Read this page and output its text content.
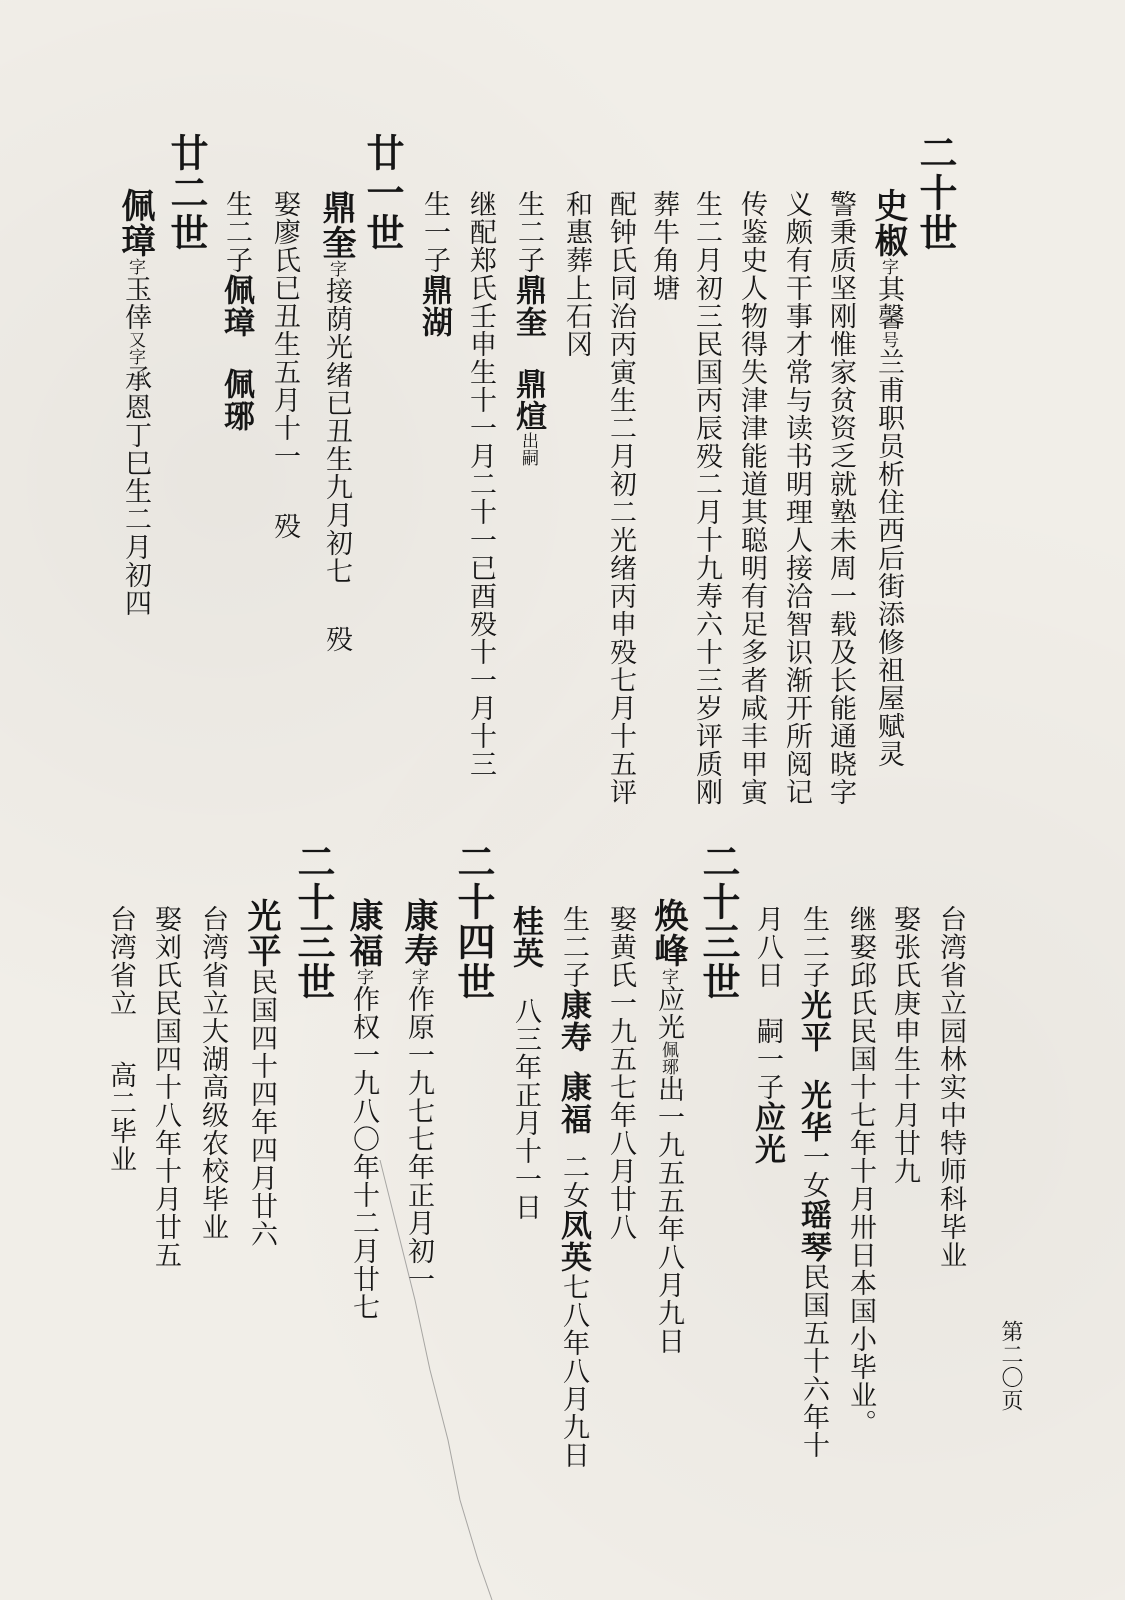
二十世
史椒字其馨号兰甫职员析住西后街添修祖屋赋灵
警秉质坚刚惟家贫资乏就塾未周一载及长能通晓字
义颇有干事才常与读书明理人接洽智识渐开所阅记
传鉴史人物得失津津能道其聪明有足多者咸丰甲寅
生二月初三民国丙辰殁二月十九寿六十三岁评质刚
葬牛角塘
配钟氏同治丙寅生二月初二光绪丙申殁七月十五评
和惠葬上石冈
生二子鼎奎鼎煊出嗣
继配郑氏壬申生十一月二十一已酉殁十一月十三
生一子鼎湖
廿一世
鼎奎字接荫光绪已丑生九月初七殁
娶廖氏已丑生五月十一殁
生二子佩璋佩琊
廿二世
佩璋字玉倖又字承恩丁巳生二月初四
第二〇页
台湾省立园林实中特师科毕业
娶张氏庚申生十月廿九
继娶邱氏民国十七年十月卅日本国小毕业。
生二子光平光华一女瑶琴民国五十六年十
月八日　嗣一子应光
二十三世
焕峰字应光佩琊出一九五五年八月九日
娶黄氏一九五七年八月廿八
生二子康寿康福二女凤英七八年八月九日
桂英八三年正月十一日
二十四世
康寿字作原一九七七年正月初一
康福字作权一九八〇年十二月廿七
二十三世
光平民国四十四年四月廿六
台湾省立大湖高级农校毕业
娶刘氏民国四十八年十月廿五
台湾省立高二毕业
